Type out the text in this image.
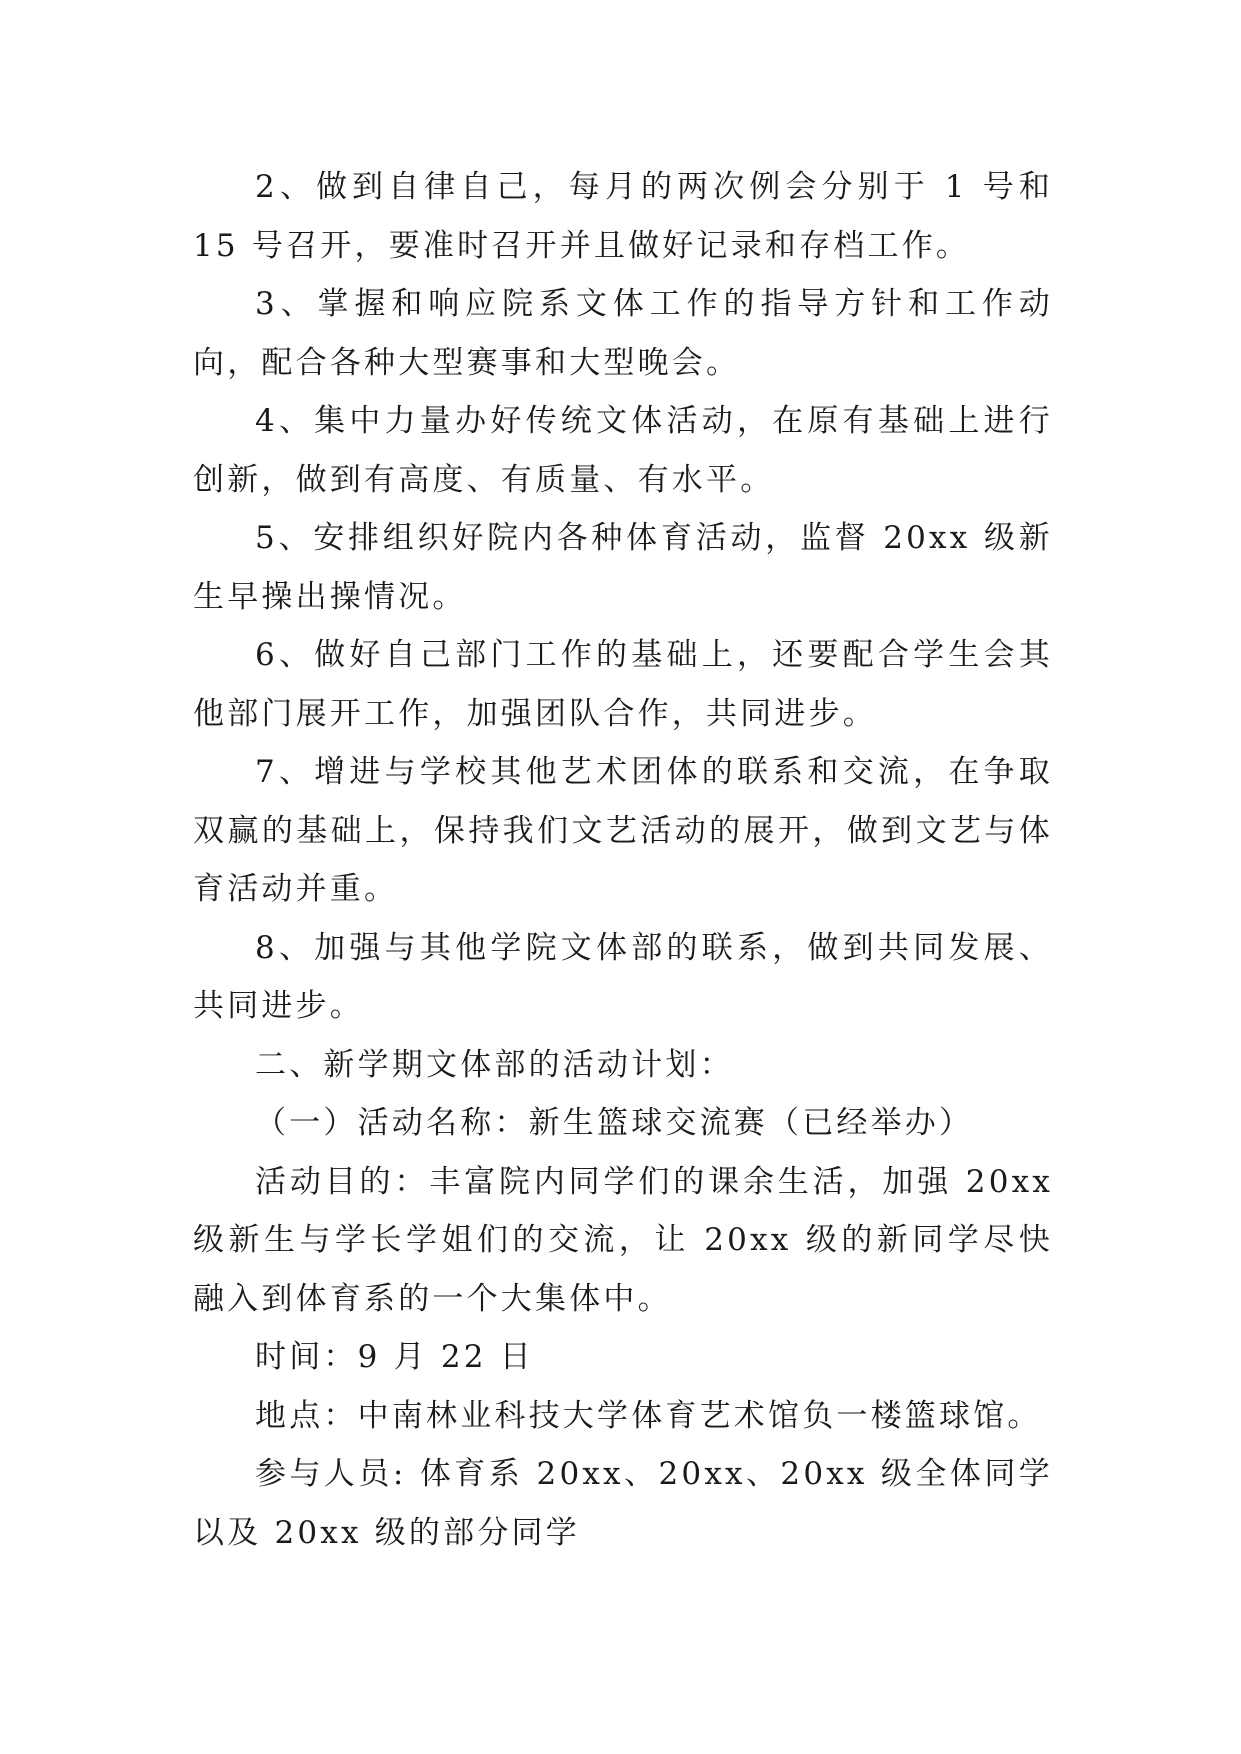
2、做到自律自己，每月的两次例会分别于 1 号和 15 号召开，要准时召开并且做好记录和存档工作。

3、掌握和响应院系文体工作的指导方针和工作动向，配合各种大型赛事和大型晚会。

4、集中力量办好传统文体活动，在原有基础上进行创新，做到有高度、有质量、有水平。

5、安排组织好院内各种体育活动，监督 20xx 级新生早操出操情况。

6、做好自己部门工作的基础上，还要配合学生会其他部门展开工作，加强团队合作，共同进步。

7、增进与学校其他艺术团体的联系和交流，在争取双赢的基础上，保持我们文艺活动的展开，做到文艺与体育活动并重。

8、加强与其他学院文体部的联系，做到共同发展、共同进步。

二、新学期文体部的活动计划：

（一）活动名称：新生篮球交流赛（已经举办）

活动目的：丰富院内同学们的课余生活，加强 20xx 级新生与学长学姐们的交流，让 20xx 级的新同学尽快融入到体育系的一个大集体中。

时间：9 月 22 日

地点：中南林业科技大学体育艺术馆负一楼篮球馆。

参与人员: 体育系 20xx、20xx、20xx 级全体同学以及 20xx 级的部分同学
